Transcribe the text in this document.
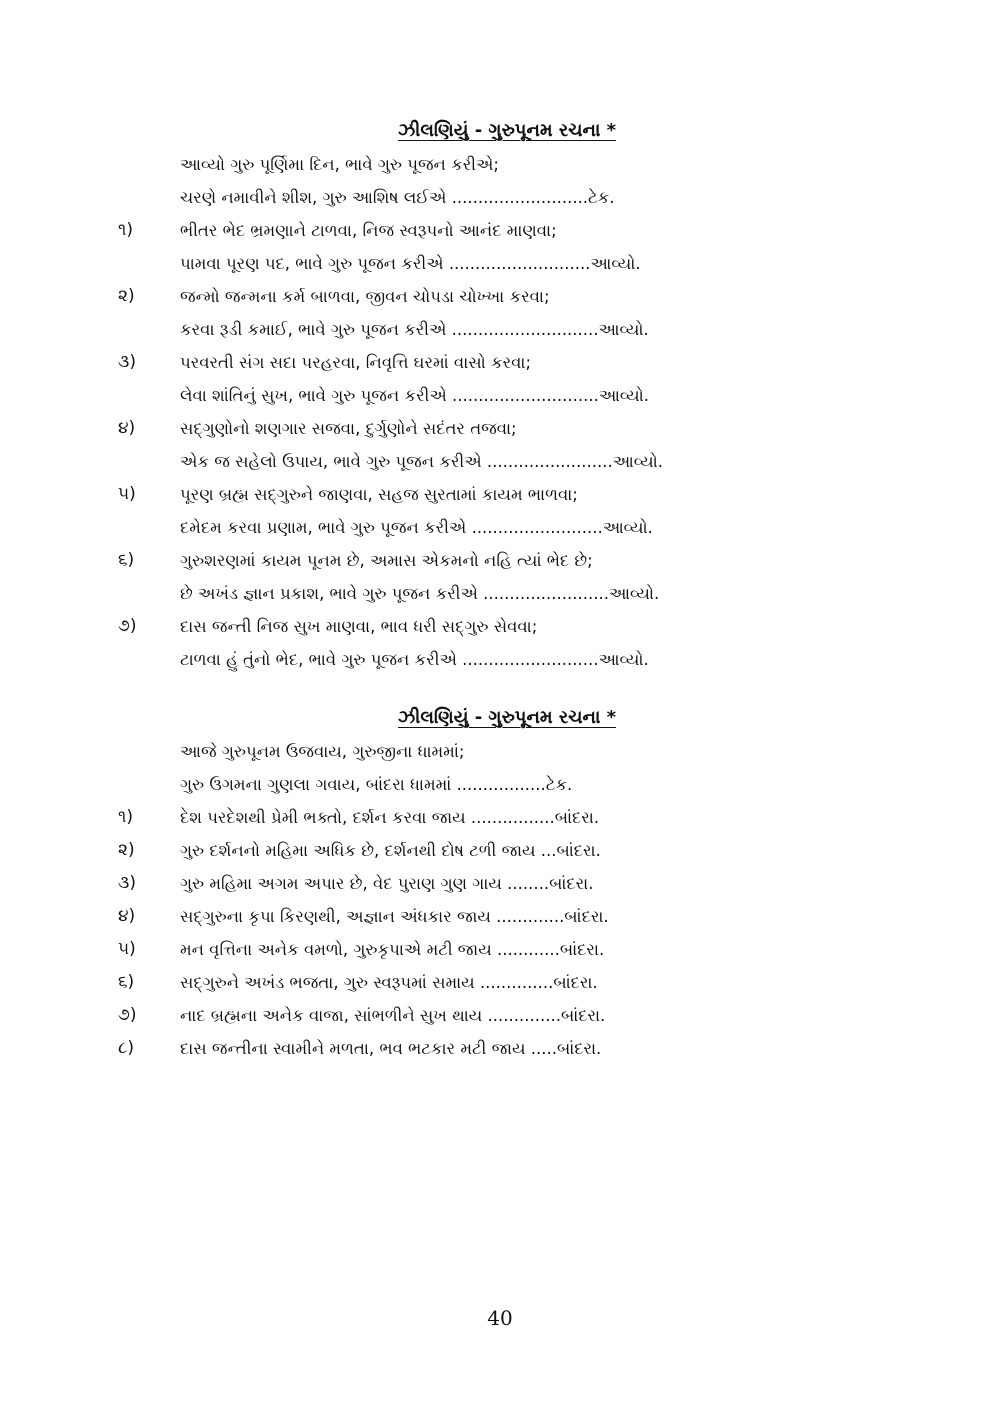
ઝીલણિયું - ગુરુપૂનમ રચના *
આવ્યો ગુરુ પૂર્ણિમા દિન, ભાવે ગુરુ પૂજન કરીએ;
ચરણે નમાવીને શીશ, ગુરુ આશિષ લઈએ ..........................ટેક.
૧)	ભીતર ભેદ ભ્રમણાને ટાળવા, નિજ સ્વરૂપનો આનંદ માણવા;
પામવા પૂરણ પદ, ભાવે ગુરુ પૂજન કરીએ ...........................આવ્યો.
૨)	જન્મો જન્મના કર્મ બાળવા, જીવન ચોપડા ચોખ્ખા કરવા;
કરવા રૂડી કમાઈ, ભાવે ગુરુ પૂજન કરીએ ............................આવ્યો.
૩)	પરવરતી સંગ સદા પરહરવા, નિવૃત્તિ ઘરમાં વાસો કરવા;
લેવા શાંતિનું સુખ, ભાવે ગુરુ પૂજન કરીએ ............................આવ્યો.
૪)	સદ્‌ગુણોનો શણગાર સજવા, દુર્ગુણોને સદંતર તજવા;
એક જ સહેલો ઉપાય, ભાવે ગુરુ પૂજન કરીએ ........................આવ્યો.
૫)	પૂરણ બ્રહ્મ સદ્‌ગુરુને જાણવા, સહજ સુરતામાં કાયમ ભાળવા;
દમેદમ કરવા પ્રણામ, ભાવે ગુરુ પૂજન કરીએ .........................આવ્યો.
૬)	ગુરુશરણમાં કાયમ પૂનમ છે, અમાસ એકમનો નહિ ત્યાં ભેદ છે;
છે અખંડ જ્ઞાન પ્રકાશ, ભાવે ગુરુ પૂજન કરીએ ........................આવ્યો.
૭)	દાસ જન્તી નિજ સુખ માણવા, ભાવ ધરી સદ્‌ગુરુ સેવવા;
ટાળવા હું તુંનો ભેદ, ભાવે ગુરુ પૂજન કરીએ ..........................આવ્યો.
ઝીલણિયું - ગુરુપૂનમ રચના *
આજે ગુરુપૂનમ ઉજવાય, ગુરુજીના ધામમાં;
ગુરુ ઉગમના ગુણલા ગવાય, બાંદરા ધામમાં .................ટેક.
૧)	દેશ પરદેશથી પ્રેમી ભક્તો, દર્શન કરવા જાય ................બાંદરા.
૨)	ગુરુ દર્શનનો મહિમા અધિક છે, દર્શનથી દોષ ટળી જાય ...બાંદરા.
૩)	ગુરુ મહિમા અગમ અપાર છે, વેદ પુરાણ ગુણ ગાય ........બાંદરા.
૪)	સદ્‌ગુરુના કૃપા કિરણથી, અજ્ઞાન અંધકાર જાય .............બાંદરા.
૫)	મન વૃત્તિના અનેક વમળો, ગુરુકૃપાએ મટી જાય ............બાંદરા.
૬)	સદ્‌ગુરુને અખંડ ભજતા, ગુરુ સ્વરૂપમાં સમાય ..............બાંદરા.
૭)	નાદ બ્રહ્મના અનેક વાજા, સાંભળીને સુખ થાય ..............બાંદરા.
૮)	દાસ જન્તીના સ્વામીને મળતા, ભવ ભટકાર મટી જાય .....બાંદરા.
40
